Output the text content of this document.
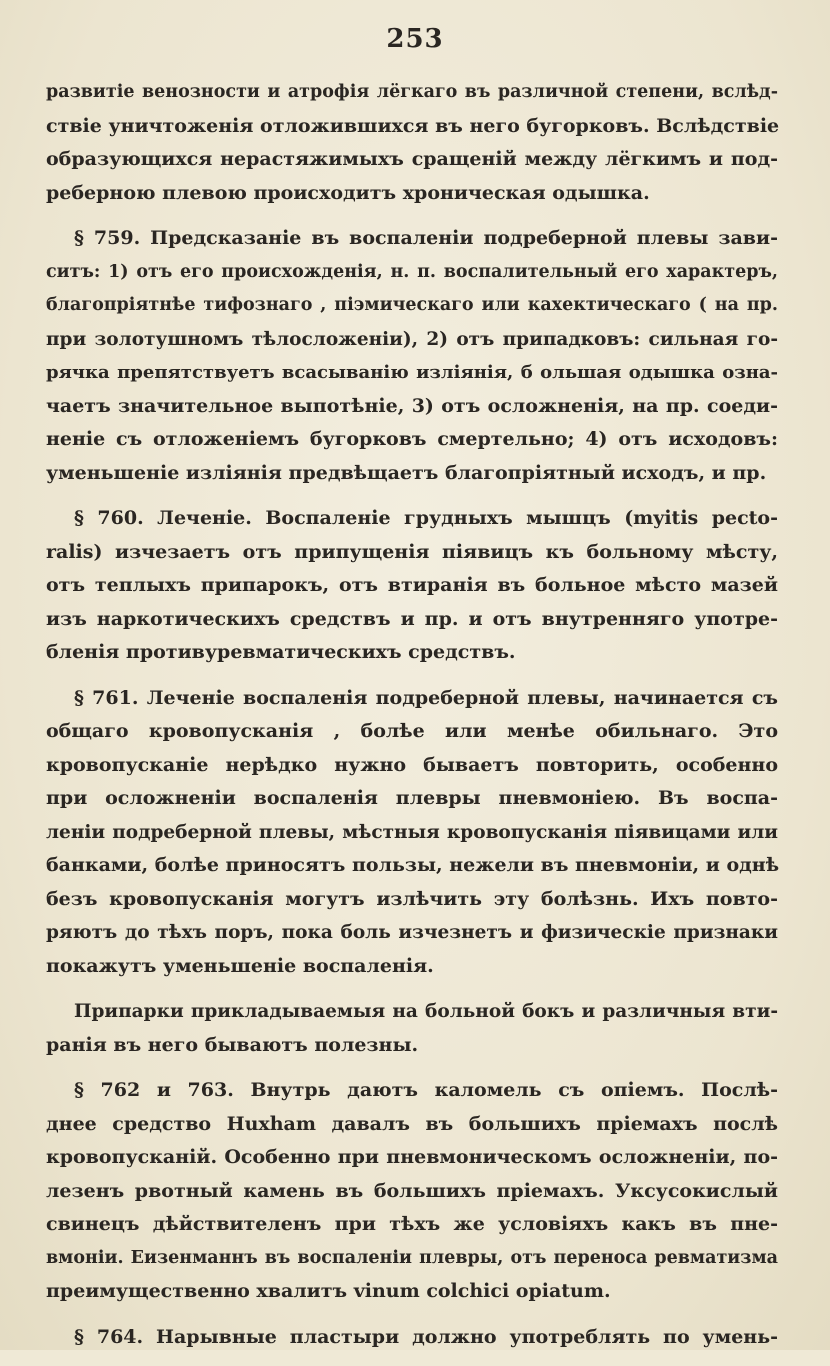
253
развитіе венозности и атрофія лёгкаго въ различной степени, вслѣд-
ствіе уничтоженія отложившихся въ него бугорковъ. Вслѣдствіе
образующихся нерастяжимыхъ сращеній между лёгкимъ и под-
реберною плевою происходитъ хроническая одышка.
§ 759. Предсказаніе въ воспаленіи подреберной плевы зави-
ситъ: 1) отъ его происхожденія, н. п. воспалительный его характеръ,
благопріятнѣе тифознаго , піэмическаго или кахектическаго ( на пр.
при золотушномъ тѣлосложеніи), 2) отъ припадковъ: сильная го-
рячка препятствуетъ всасыванію изліянія, б ольшая одышка озна-
чаетъ значительное выпотѣніе, 3) отъ осложненія, на пр. соеди-
неніе съ отложеніемъ бугорковъ смертельно; 4) отъ исходовъ:
уменьшеніе изліянія предвѣщаетъ благопріятный исходъ, и пр.
§ 760. Леченіе. Воспаленіе грудныхъ мышцъ (myitis pecto-
ralis) изчезаетъ отъ припущенія піявицъ къ больному мѣсту,
отъ теплыхъ припарокъ, отъ втиранія въ больное мѣсто мазей
изъ наркотическихъ средствъ и пр. и отъ внутренняго употре-
бленія противуревматическихъ средствъ.
§ 761. Леченіе воспаленія подреберной плевы, начинается съ
общаго кровопусканія , болѣе или менѣе обильнаго. Это
кровопусканіе нерѣдко нужно бываетъ повторить, особенно
при осложненіи воспаленія плевры пневмоніею. Въ воспа-
леніи подреберной плевы, мѣстныя кровопусканія піявицами или
банками, болѣе приносятъ пользы, нежели въ пневмоніи, и однѣ
безъ кровопусканія могутъ излѣчить эту болѣзнь. Ихъ повто-
ряютъ до тѣхъ поръ, пока боль изчезнетъ и физическіе признаки
покажутъ уменьшеніе воспаленія.
Припарки прикладываемыя на больной бокъ и различныя вти-
ранія въ него бываютъ полезны.
§ 762 и 763. Внутрь даютъ каломель съ опіемъ. Послѣ-
днее средство Huxham давалъ въ большихъ пріемахъ послѣ
кровопусканій. Особенно при пневмоническомъ осложненіи, по-
лезенъ рвотный камень въ большихъ пріемахъ. Уксусокислый
свинецъ дѣйствителенъ при тѣхъ же условіяхъ какъ въ пне-
вмоніи. Eизенманнъ въ воспаленіи плевры, отъ переноса ревматизма
преимущественно хвалитъ vinum colchici opiatum.
§ 764. Нарывные пластыри должно употреблять по умень-
